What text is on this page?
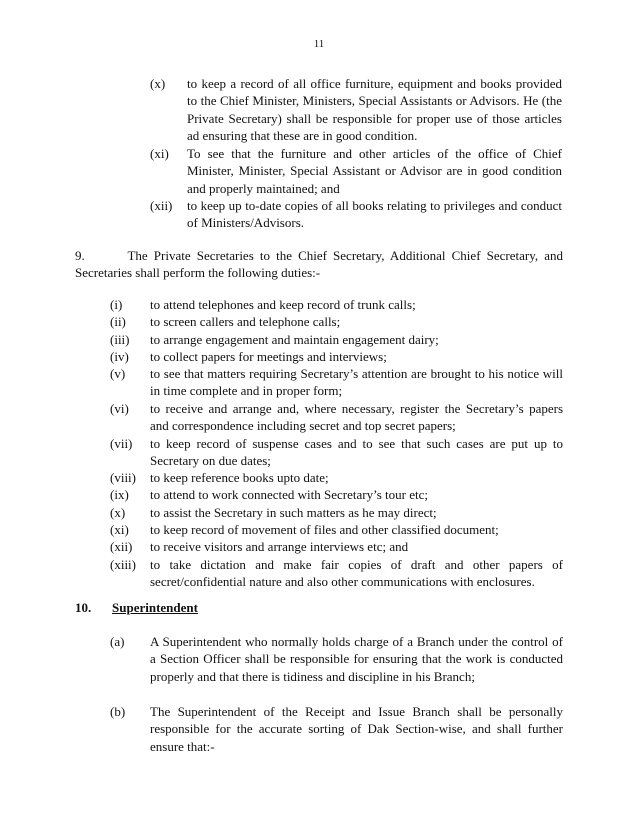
11
(x)	to keep a record of all office furniture, equipment and books provided to the Chief Minister, Ministers, Special Assistants or Advisors. He (the Private Secretary) shall be responsible for proper use of those articles ad ensuring that these are in good condition.
(xi)	To see that the furniture and other articles of the office of Chief Minister, Minister, Special Assistant or Advisor are in good condition and properly maintained; and
(xii)	to keep up to-date copies of all books relating to privileges and conduct of Ministers/Advisors.
9.       The Private Secretaries to the Chief Secretary, Additional Chief Secretary, and Secretaries shall perform the following duties:-
(i)	to attend telephones and keep record of trunk calls;
(ii)	to screen callers and telephone calls;
(iii)	to arrange engagement and maintain engagement dairy;
(iv)	to collect papers for meetings and interviews;
(v)	to see that matters requiring Secretary’s attention are brought to his notice will in time complete and in proper form;
(vi)	to receive and arrange and, where necessary, register the Secretary’s papers and correspondence including secret and top secret papers;
(vii)	to keep record of suspense cases and to see that such cases are put up to Secretary on due dates;
(viii)	to keep reference books upto date;
(ix)	to attend to work connected with Secretary’s tour etc;
(x)	to assist the Secretary in such matters as he may direct;
(xi)	to keep record of movement of files and other classified document;
(xii)	to receive visitors and arrange interviews etc; and
(xiii)	to take dictation and make fair copies of draft and other papers of secret/confidential nature and also other communications with enclosures.
10. Superintendent
(a)	A Superintendent who normally holds charge of a Branch under the control of a Section Officer shall be responsible for ensuring that the work is conducted properly and that there is tidiness and discipline in his Branch;
(b)	The Superintendent of the Receipt and Issue Branch shall be personally responsible for the accurate sorting of Dak Section-wise, and shall further ensure that:-
